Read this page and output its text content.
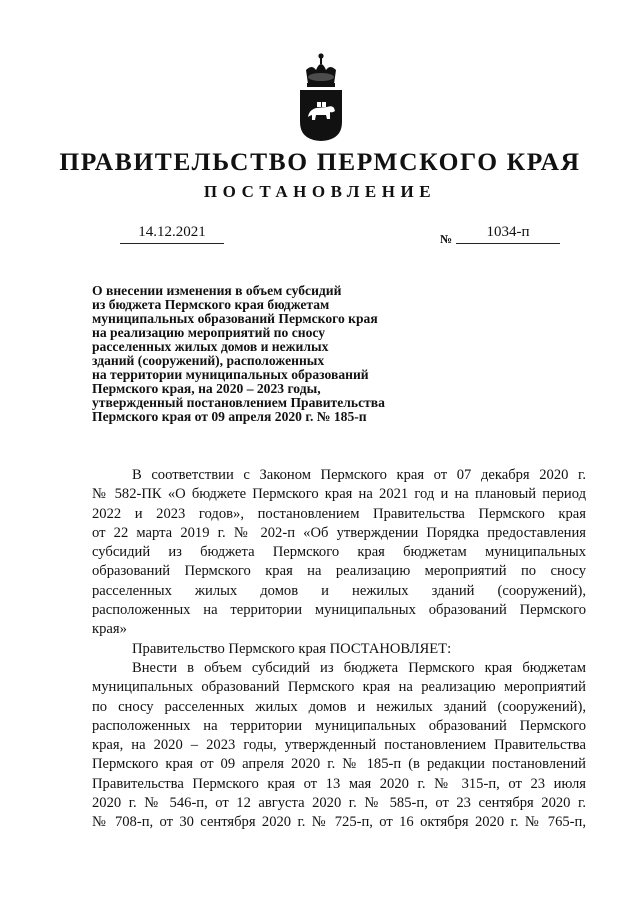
ПРАВИТЕЛЬСТВО ПЕРМСКОГО КРАЯ
ПОСТАНОВЛЕНИЕ
14.12.2021	№	1034-п
О внесении изменения в объем субсидий
из бюджета Пермского края бюджетам
муниципальных образований Пермского края
на реализацию мероприятий по сносу
расселенных жилых домов и нежилых
зданий (сооружений), расположенных
на территории муниципальных образований
Пермского края, на 2020 – 2023 годы,
утвержденный постановлением Правительства
Пермского края от 09 апреля 2020 г. № 185-п
В соответствии с Законом Пермского края от 07 декабря 2020 г.
№ 582-ПК «О бюджете Пермского края на 2021 год и на плановый период
2022 и 2023 годов», постановлением Правительства Пермского края
от 22 марта 2019 г. № 202-п «Об утверждении Порядка предоставления
субсидий из бюджета Пермского края бюджетам муниципальных
образований Пермского края на реализацию мероприятий по сносу
расселенных жилых домов и нежилых зданий (сооружений),
расположенных на территории муниципальных образований Пермского
края»
Правительство Пермского края ПОСТАНОВЛЯЕТ:
Внести в объем субсидий из бюджета Пермского края бюджетам
муниципальных образований Пермского края на реализацию мероприятий
по сносу расселенных жилых домов и нежилых зданий (сооружений),
расположенных на территории муниципальных образований Пермского
края, на 2020 – 2023 годы, утвержденный постановлением Правительства
Пермского края от 09 апреля 2020 г. № 185-п (в редакции постановлений
Правительства Пермского края от 13 мая 2020 г. № 315-п, от 23 июля
2020 г. № 546-п, от 12 августа 2020 г. № 585-п, от 23 сентября 2020 г.
№ 708-п, от 30 сентября 2020 г. № 725-п, от 16 октября 2020 г. № 765-п,
